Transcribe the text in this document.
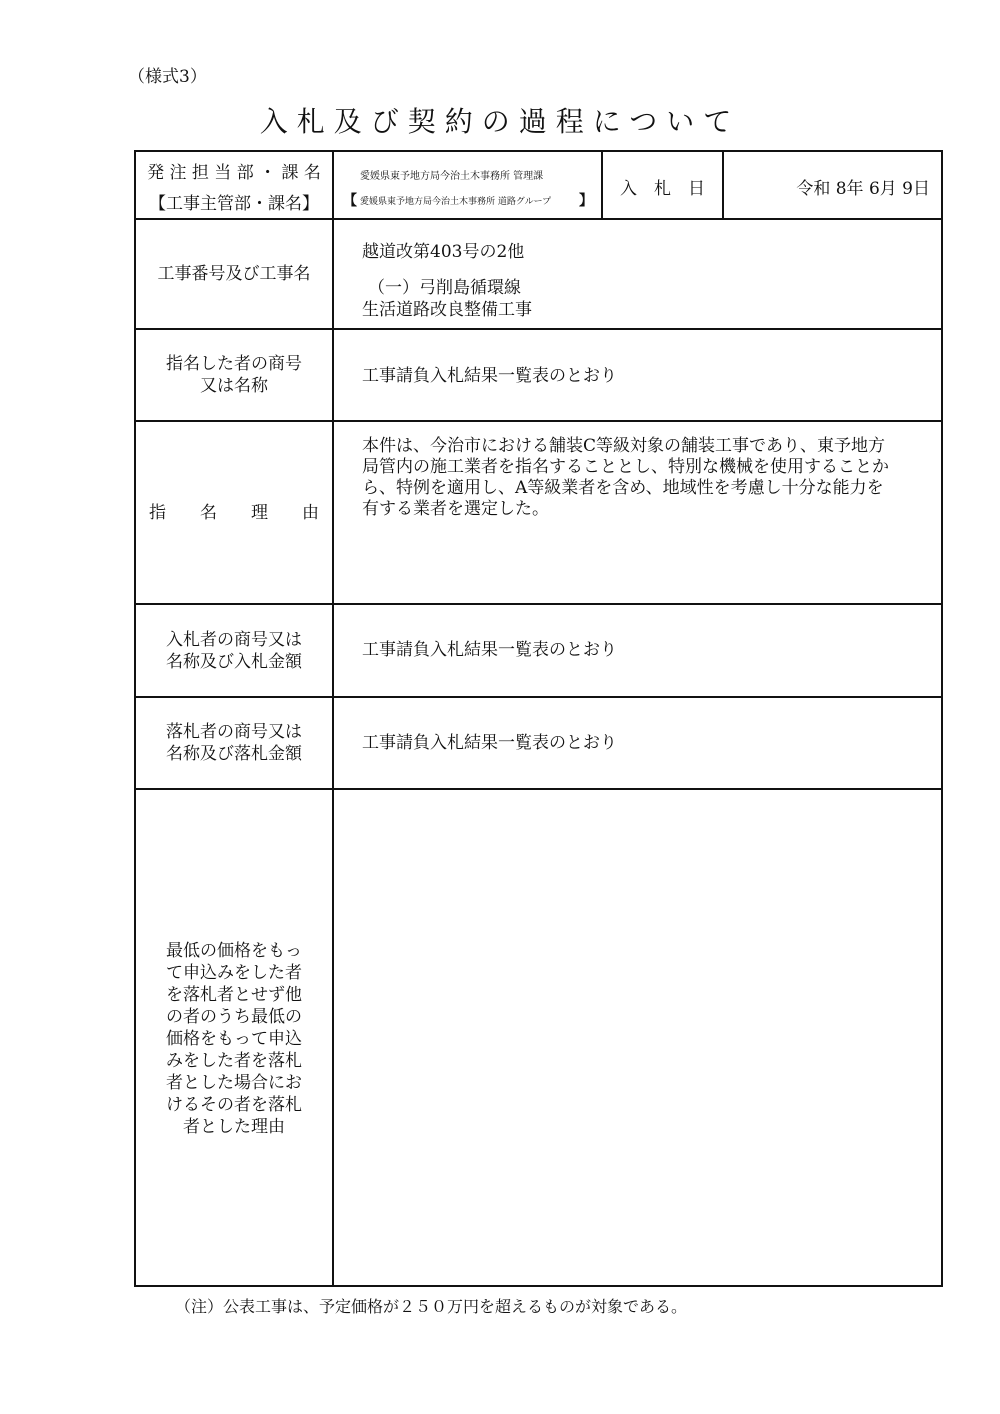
（様式3）
入札及び契約の過程について
発 注 担 当 部 ・ 課 名
【工事主管部・課名】
愛媛県東予地方局今治土木事務所 管理課
【 愛媛県東予地方局今治土木事務所 道路グループ 】
入　札　日	令和 8年 6月 9日
工事番号及び工事名
越道改第403号の2他
（一）弓削島循環線
生活道路改良整備工事
指名した者の商号
又は名称	工事請負入札結果一覧表のとおり
指　　名　　理　　由
本件は、今治市における舗装C等級対象の舗装工事であり、東予地方
局管内の施工業者を指名することとし、特別な機械を使用することか
ら、特例を適用し、A等級業者を含め、地域性を考慮し十分な能力を
有する業者を選定した。
入札者の商号又は
名称及び入札金額
工事請負入札結果一覧表のとおり
落札者の商号又は
名称及び落札金額
工事請負入札結果一覧表のとおり
最低の価格をもっ
て申込みをした者
を落札者とせず他
の者のうち最低の
価格をもって申込
みをした者を落札
者とした場合にお
けるその者を落札
者とした理由
（注）公表工事は、予定価格が２５０万円を超えるものが対象である。
